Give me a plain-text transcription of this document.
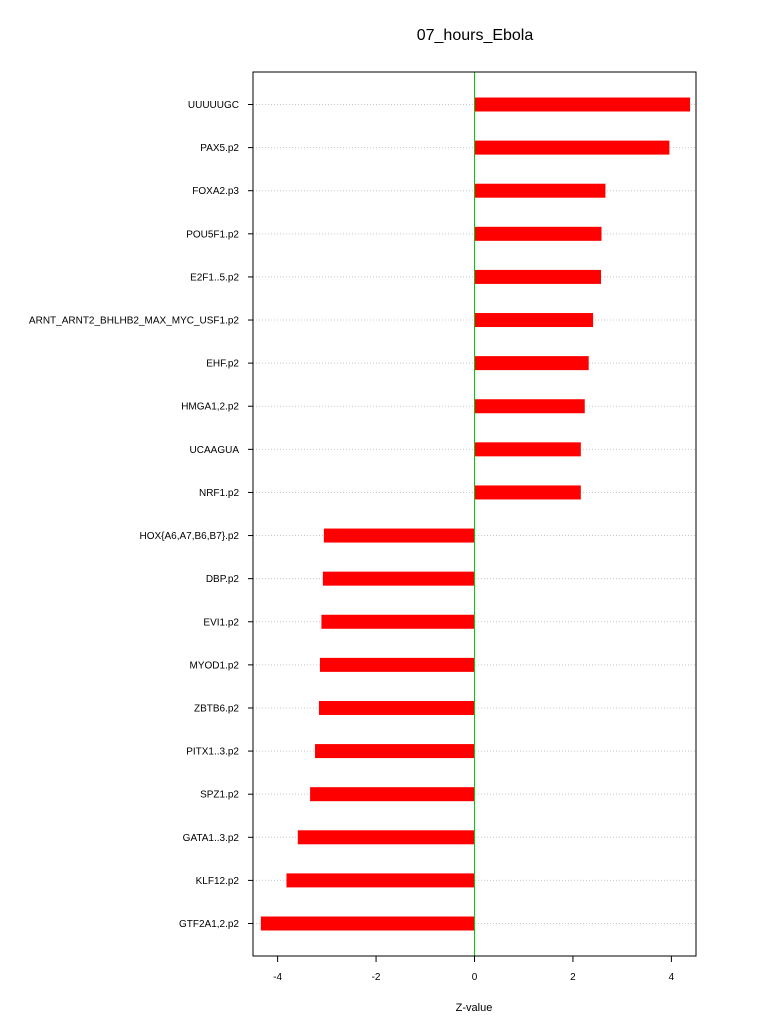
07_hours_Ebola
UUUUUGC
PAX5.p2
FOXA2.p3
POU5F1.p2
E2F1..5.p2
ARNT_ARNT2_BHLHB2_MAX_MYC_USF1.p2
EHF.p2
HMGA1,2.p2
UCAAGUA
NRF1.p2
HOX{A6,A7,B6,B7}.p2
DBP.p2
EVI1.p2
MYOD1.p2
ZBTB6.p2
PITX1..3.p2
SPZ1.p2
GATA1..3.p2
KLF12.p2
GTF2A1,2.p2
-4	-2	0	2	4
Z-value
